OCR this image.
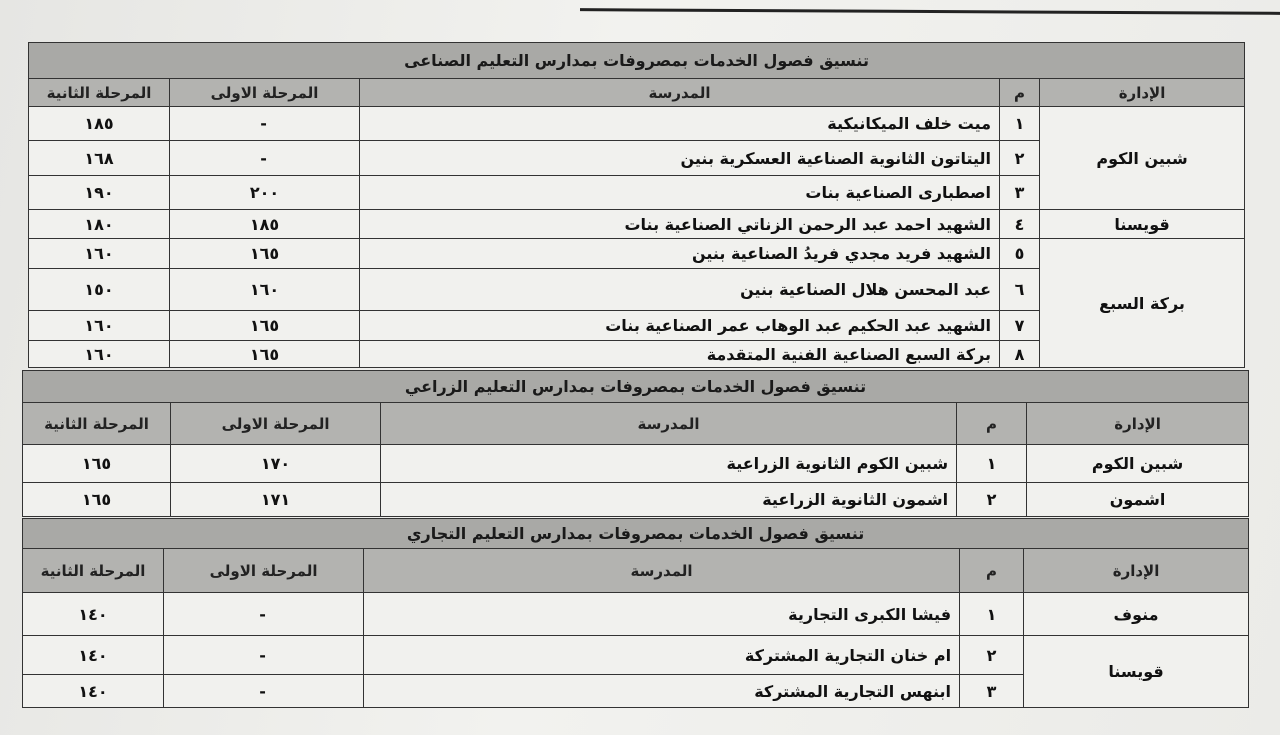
تنسيق فصول الخدمات بمصروفات بمدارس التعليم الصناعى				
الإدارة	م	المدرسة	المرحلة الاولى	المرحلة الثانية
شبين الكوم	١	ميت خلف الميكانيكية	-	١٨٥
	٢	اليتاتون الثانوية الصناعية العسكرية بنين	-	١٦٨
	٣	اصطبارى الصناعية بنات	٢٠٠	١٩٠
قويسنا	٤	الشهيد احمد عبد الرحمن الزناتي الصناعية بنات	١٨٥	١٨٠
بركة السبع	٥	الشهيد فريد مجدي فريدُ الصناعية بنين	١٦٥	١٦٠
	٦	عبد المحسن هلال الصناعية بنين	١٦٠	١٥٠
	٧	الشهيد عبد الحكيم عبد الوهاب عمر الصناعية بنات	١٦٥	١٦٠
	٨	بركة السبع الصناعية الفنية المتقدمة	١٦٥	١٦٠
تنسيق فصول الخدمات بمصروفات بمدارس التعليم الزراعي				
الإدارة	م	المدرسة	المرحلة الاولى	المرحلة الثانية
شبين الكوم	١	شبين الكوم الثانوية الزراعية	١٧٠	١٦٥
اشمون	٢	اشمون الثانوية الزراعية	١٧١	١٦٥
تنسيق فصول الخدمات بمصروفات بمدارس التعليم التجاري				
الإدارة	م	المدرسة	المرحلة الاولى	المرحلة الثانية
منوف	١	فيشا الكبرى التجارية	-	١٤٠
قويسنا	٢	ام خنان التجارية المشتركة	-	١٤٠
	٣	ابنهس التجارية المشتركة	-	١٤٠
